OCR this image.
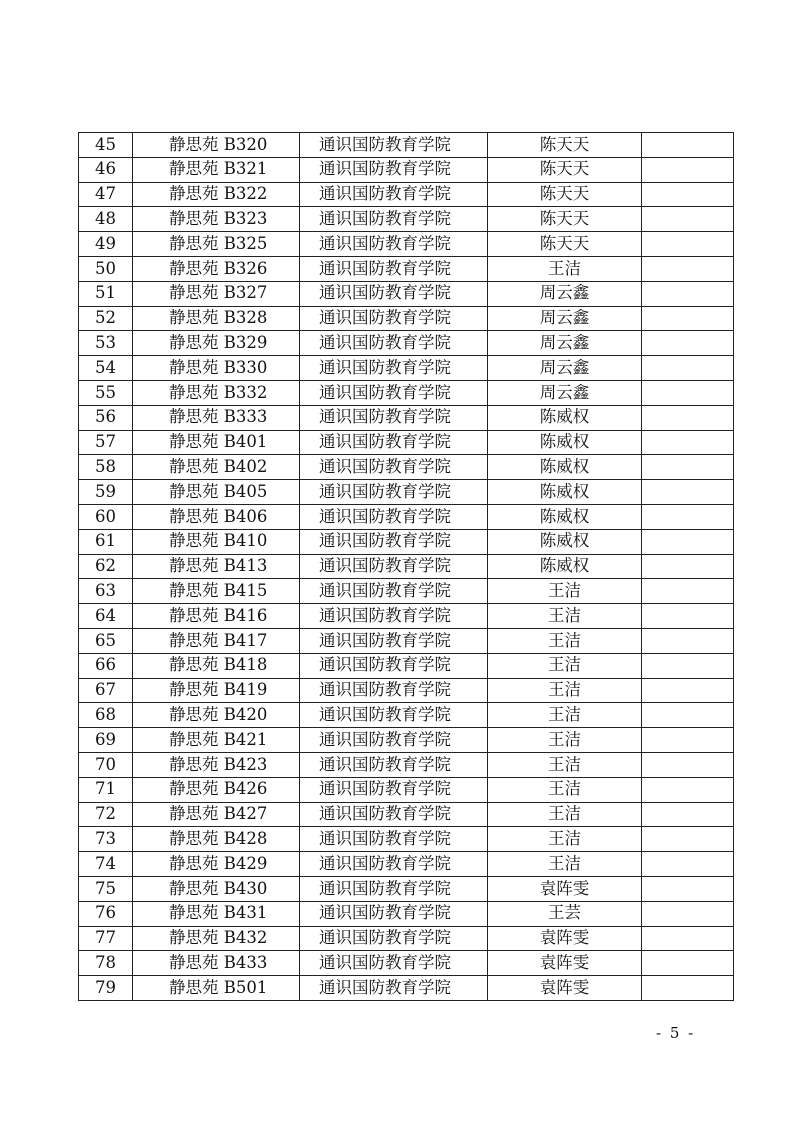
45	静思苑 B320	通识国防教育学院	陈天天	
46	静思苑 B321	通识国防教育学院	陈天天	
47	静思苑 B322	通识国防教育学院	陈天天	
48	静思苑 B323	通识国防教育学院	陈天天	
49	静思苑 B325	通识国防教育学院	陈天天	
50	静思苑 B326	通识国防教育学院	王洁	
51	静思苑 B327	通识国防教育学院	周云鑫	
52	静思苑 B328	通识国防教育学院	周云鑫	
53	静思苑 B329	通识国防教育学院	周云鑫	
54	静思苑 B330	通识国防教育学院	周云鑫	
55	静思苑 B332	通识国防教育学院	周云鑫	
56	静思苑 B333	通识国防教育学院	陈威权	
57	静思苑 B401	通识国防教育学院	陈威权	
58	静思苑 B402	通识国防教育学院	陈威权	
59	静思苑 B405	通识国防教育学院	陈威权	
60	静思苑 B406	通识国防教育学院	陈威权	
61	静思苑 B410	通识国防教育学院	陈威权	
62	静思苑 B413	通识国防教育学院	陈威权	
63	静思苑 B415	通识国防教育学院	王洁	
64	静思苑 B416	通识国防教育学院	王洁	
65	静思苑 B417	通识国防教育学院	王洁	
66	静思苑 B418	通识国防教育学院	王洁	
67	静思苑 B419	通识国防教育学院	王洁	
68	静思苑 B420	通识国防教育学院	王洁	
69	静思苑 B421	通识国防教育学院	王洁	
70	静思苑 B423	通识国防教育学院	王洁	
71	静思苑 B426	通识国防教育学院	王洁	
72	静思苑 B427	通识国防教育学院	王洁	
73	静思苑 B428	通识国防教育学院	王洁	
74	静思苑 B429	通识国防教育学院	王洁	
75	静思苑 B430	通识国防教育学院	袁阵雯	
76	静思苑 B431	通识国防教育学院	王芸	
77	静思苑 B432	通识国防教育学院	袁阵雯	
78	静思苑 B433	通识国防教育学院	袁阵雯	
79	静思苑 B501	通识国防教育学院	袁阵雯	
- 5 -
